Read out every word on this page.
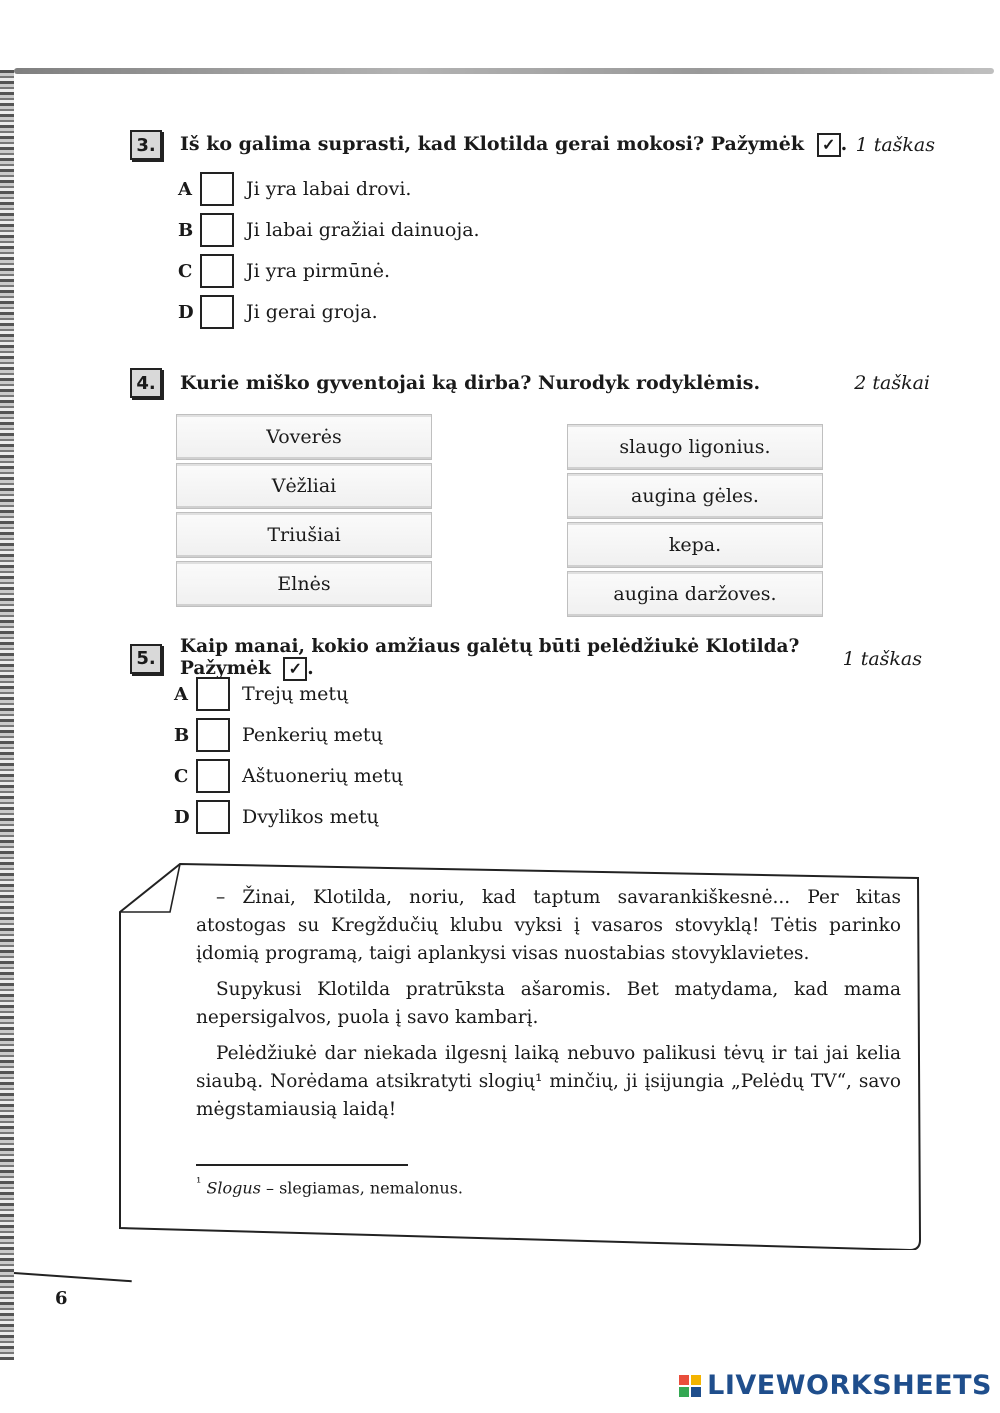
3.	Iš ko galima suprasti, kad Klotilda gerai mokosi? Pažymėk ✓ . 1 taškas
A	Ji yra labai drovi.
B	Ji labai gražiai dainuoja.
C	Ji yra pirmūnė.
D	Ji gerai groja.
4.	Kurie miško gyventojai ką dirba? Nurodyk rodyklėmis.	2 taškai
Voverės
Vėžliai
Triušiai
Elnės
slaugo ligonius.
augina gėles.
kepa.
augina daržoves.
5.
Kaip manai, kokio amžiaus galėtų būti pelėdžiukė Klotilda? Pažymėk ✓ .	1 taškas
A	Trejų metų
B	Penkerių metų
C	Aštuonerių metų
D	Dvylikos metų

– Žinai, Klotilda, noriu, kad taptum savarankiškesnė... Per kitas atostogas su Kregždučių klubu vyksi į vasaros stovyklą! Tėtis parinko įdomią programą, taigi aplankysi visas nuostabias stovyklavietes.

Supykusi Klotilda pratrūksta ašaromis. Bet matydama, kad mama nepersigalvos, puola į savo kambarį.

Pelėdžiukė dar niekada ilgesnį laiką nebuvo palikusi tėvų ir tai jai kelia siaubą. Norėdama atsikratyti slogių¹ minčių, ji įsijungia „Pelėdų TV“, savo mėgstamiausią laidą!

$^{^1}$ Slogus – slegiamas, nemalonus.
6
LIVEWORKSHEETS
